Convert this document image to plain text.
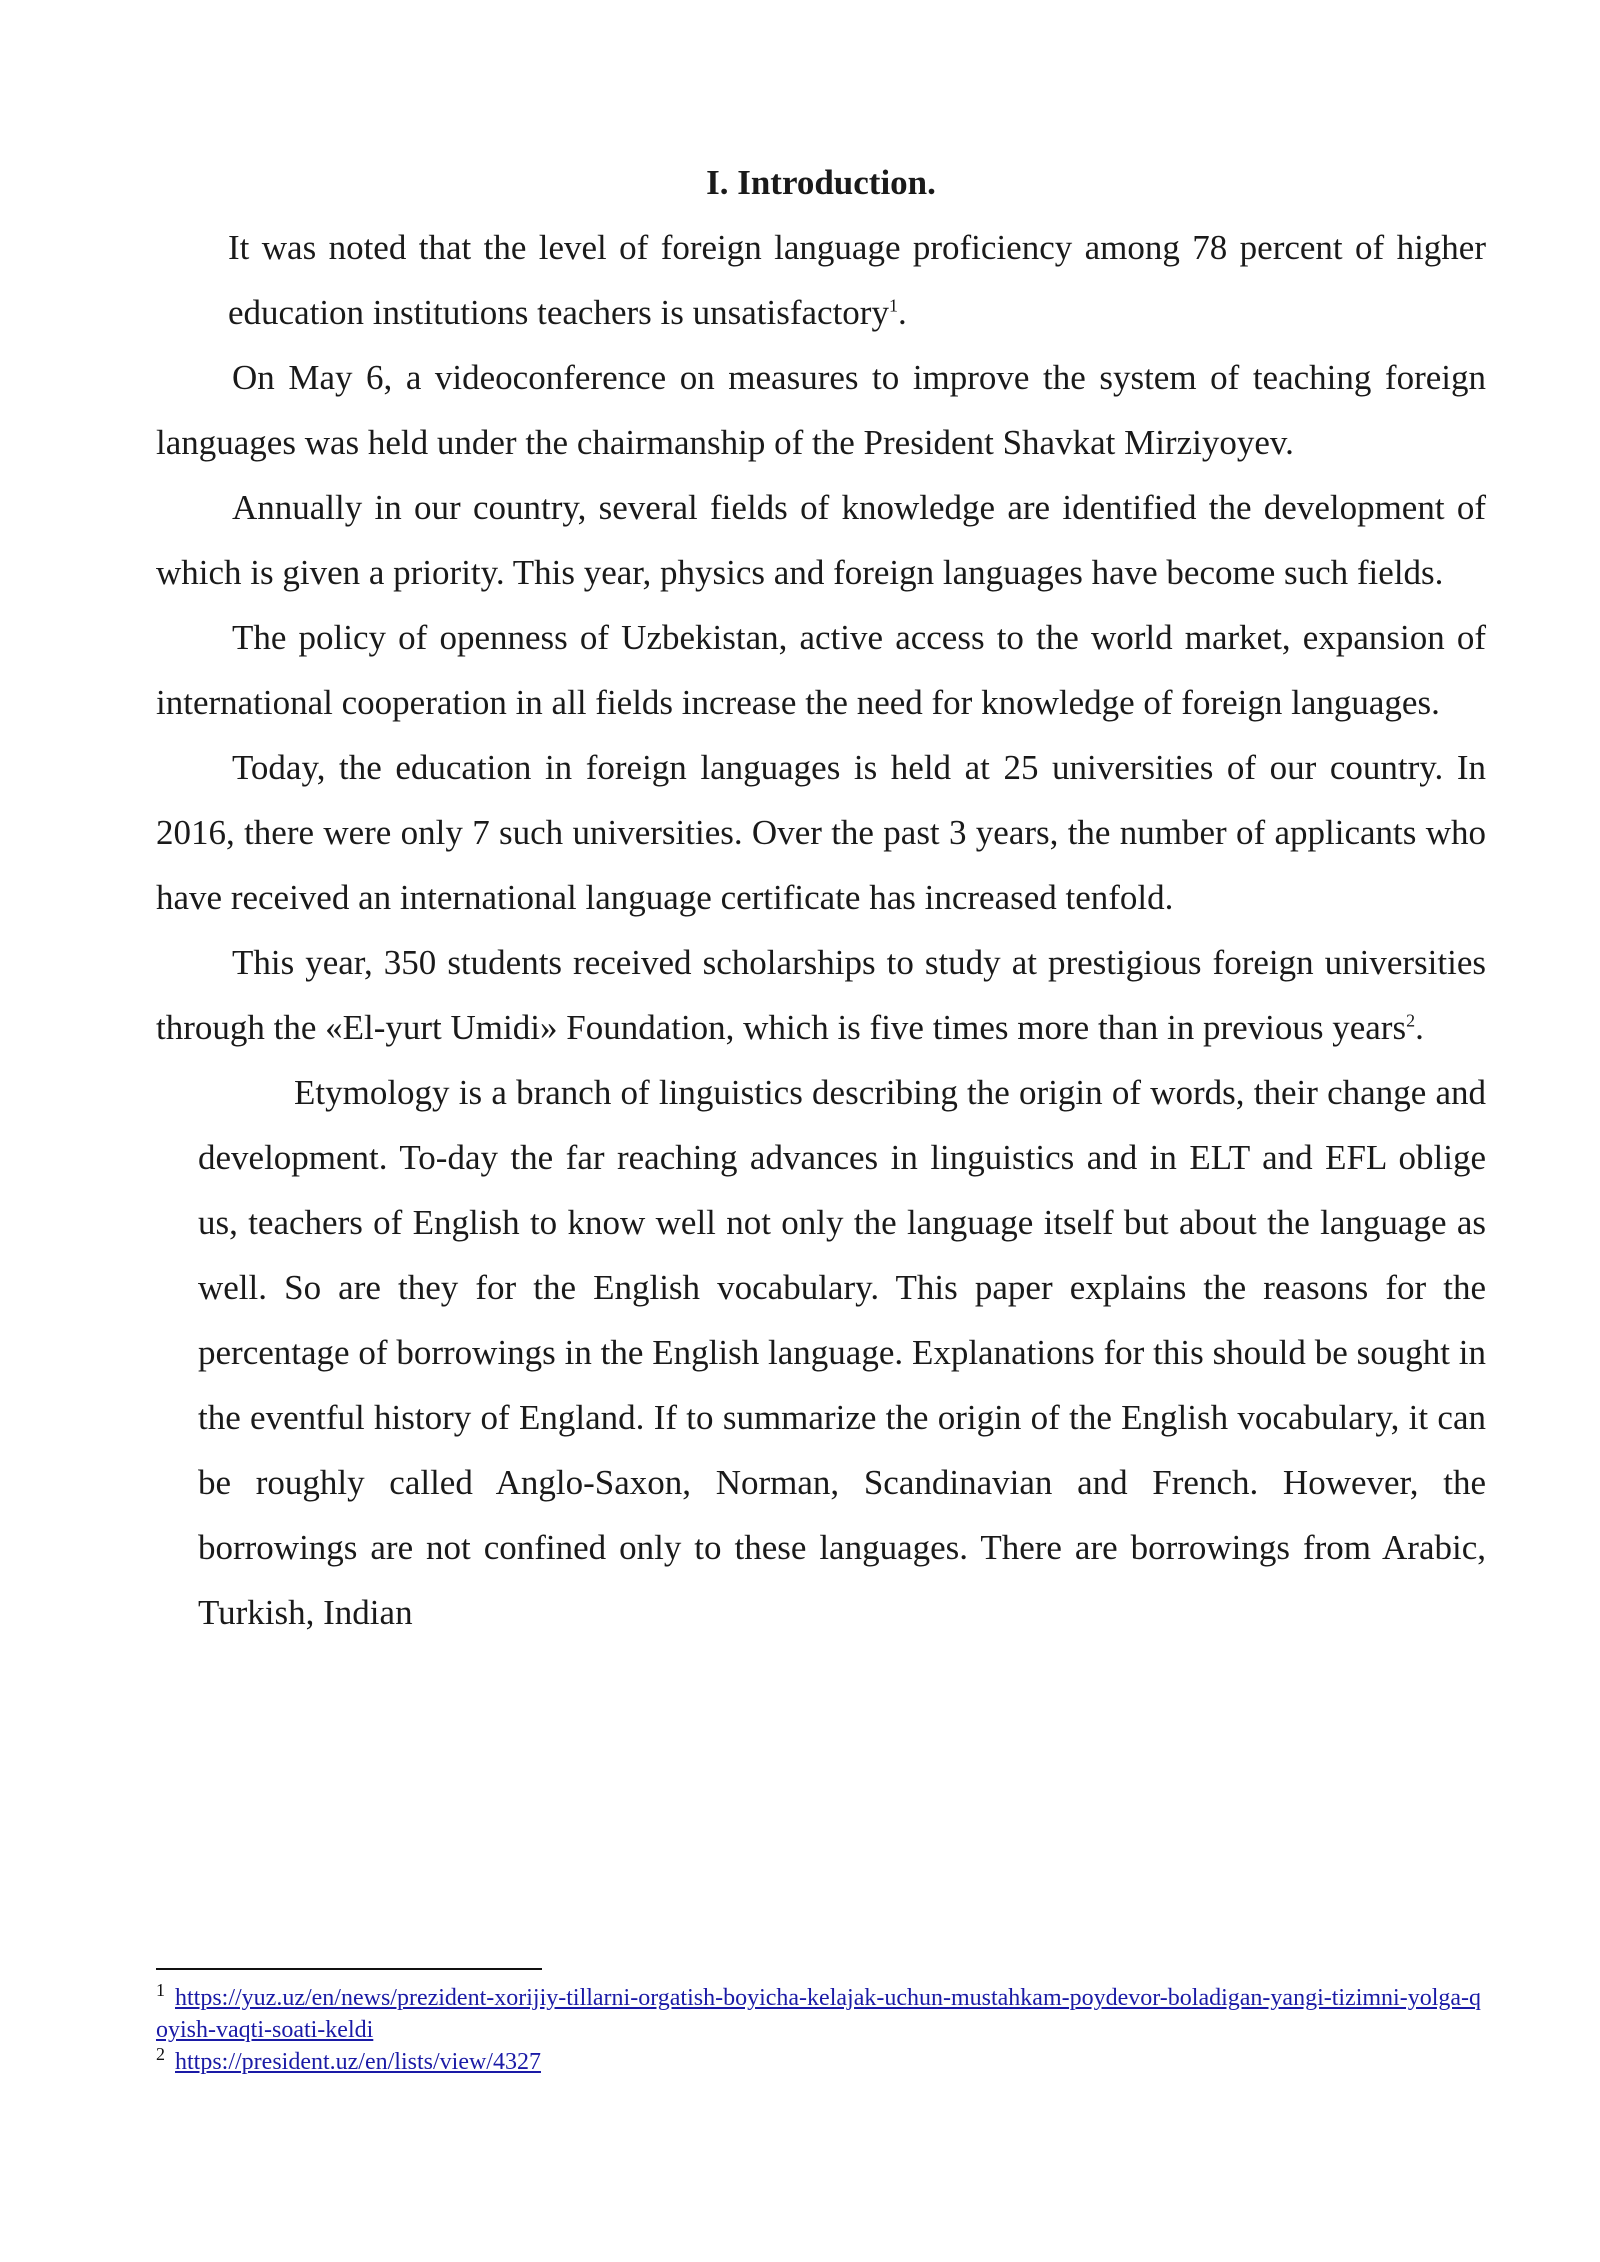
I. Introduction.

It was noted that the level of foreign language proficiency among 78 percent of higher education institutions teachers is unsatisfactory$^1$.

On May 6, a videoconference on measures to improve the system of teaching foreign languages was held under the chairmanship of the President Shavkat Mirziyoyev.

Annually in our country, several fields of knowledge are identified the development of which is given a priority. This year, physics and foreign languages have become such fields.

The policy of openness of Uzbekistan, active access to the world market, expansion of international cooperation in all fields increase the need for knowledge of foreign languages.

Today, the education in foreign languages is held at 25 universities of our country. In 2016, there were only 7 such universities. Over the past 3 years, the number of applicants who have received an international language certificate has increased tenfold.

This year, 350 students received scholarships to study at prestigious foreign universities through the «El-yurt Umidi» Foundation, which is five times more than in previous years$^2$.

Etymology is a branch of linguistics describing the origin of words, their change and development. To-day the far reaching advances in linguistics and in ELT and EFL oblige us, teachers of English to know well not only the language itself but about the language as well. So are they for the English vocabulary. This paper explains the reasons for the percentage of borrowings in the English language. Explanations for this should be sought in the eventful history of England. If to summarize the origin of the English vocabulary, it can be roughly called Anglo-Saxon, Norman, Scandinavian and French. However, the borrowings are not confined only to these languages. There are borrowings from Arabic, Turkish, Indian

$^1$ https://yuz.uz/en/news/prezident-xorijiy-tillarni-orgatish-boyicha-kelajak-uchun-mustahkam-poydevor-boladigan-yangi-tizimni-yolga-qoyish-vaqti-soati-keldi

$^2$ https://president.uz/en/lists/view/4327
